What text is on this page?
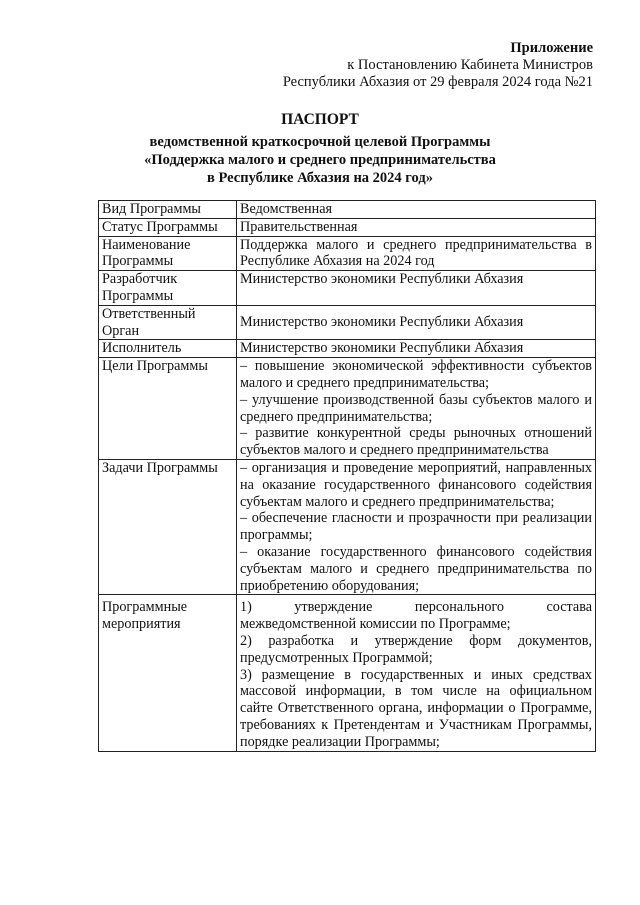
Приложение
к Постановлению Кабинета Министров
Республики Абхазия от 29 февраля 2024 года №21
ПАСПОРТ
ведомственной краткосрочной целевой Программы
«Поддержка малого и среднего предпринимательства
в Республике Абхазия на 2024 год»
Вид Программы	Ведомственная
Статус Программы	Правительственная
Наименование Программы	Поддержка малого и среднего предпринимательства в Республике Абхазия на 2024 год
Разработчик Программы	Министерство экономики Республики Абхазия
Ответственный Орган	Министерство экономики Республики Абхазия
Исполнитель	Министерство экономики Республики Абхазия
Цели Программы	– повышение экономической эффективности субъектов малого и среднего предпринимательства;
– улучшение производственной базы субъектов малого и среднего предпринимательства;
– развитие конкурентной среды рыночных отношений субъектов малого и среднего предпринимательства

Задачи Программы	– организация и проведение мероприятий, направленных на оказание государственного финансового содействия субъектам малого и среднего предпринимательства;
– обеспечение гласности и прозрачности при реализации программы;
– оказание государственного финансового содействия субъектам малого и среднего предпринимательства по приобретению оборудования;

Программные мероприятия	1) утверждение персонального состава межведомственной комиссии по Программе;
2) разработка и утверждение форм документов, предусмотренных Программой;
3) размещение в государственных и иных средствах массовой информации, в том числе на официальном сайте Ответственного органа, информации о Программе, требованиях к Претендентам и Участникам Программы, порядке реализации Программы;
